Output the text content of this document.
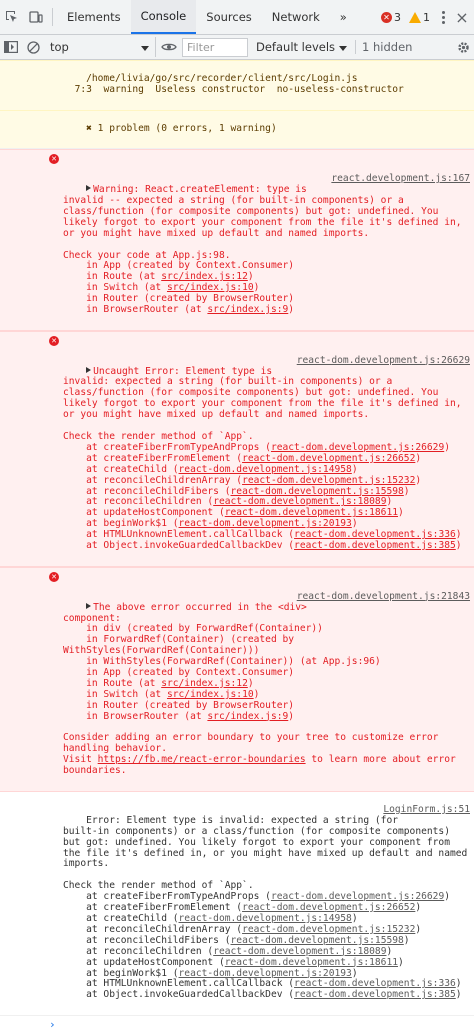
Elements	Console	Sources	Network	»	✕ 3 1 ×
top
Filter	Default levels	1 hidden

/home/livia/go/src/recorder/client/src/Login.js
7:3  warning  Useless constructor  no-useless-constructor

✖ 1 problem (0 errors, 1 warning)

✕

react.development.js:167

Warning: React.createElement: type is
invalid -- expected a string (for built-in components) or a
class/function (for composite components) but got: undefined. You
likely forgot to export your component from the file it's defined in,
or you might have mixed up default and named imports.

Check your code at App.js:98.
in App (created by Context.Consumer)
in Route (at src/index.js:12)
in Switch (at src/index.js:10)
in Router (created by BrowserRouter)
in BrowserRouter (at src/index.js:9)

✕

react-dom.development.js:26629

Uncaught Error: Element type is
invalid: expected a string (for built-in components) or a
class/function (for composite components) but got: undefined. You
likely forgot to export your component from the file it's defined in,
or you might have mixed up default and named imports.

Check the render method of `App`.
at createFiberFromTypeAndProps (react-dom.development.js:26629)
at createFiberFromElement (react-dom.development.js:26652)
at createChild (react-dom.development.js:14958)
at reconcileChildrenArray (react-dom.development.js:15232)
at reconcileChildFibers (react-dom.development.js:15598)
at reconcileChildren (react-dom.development.js:18089)
at updateHostComponent (react-dom.development.js:18611)
at beginWork$1 (react-dom.development.js:20193)
at HTMLUnknownElement.callCallback (react-dom.development.js:336)
at Object.invokeGuardedCallbackDev (react-dom.development.js:385)

✕

react-dom.development.js:21843

The above error occurred in the <div>
component:
in div (created by ForwardRef(Container))
in ForwardRef(Container) (created by
WithStyles(ForwardRef(Container)))
in WithStyles(ForwardRef(Container)) (at App.js:96)
in App (created by Context.Consumer)
in Route (at src/index.js:12)
in Switch (at src/index.js:10)
in Router (created by BrowserRouter)
in BrowserRouter (at src/index.js:9)

Consider adding an error boundary to your tree to customize error
handling behavior.
Visit https://fb.me/react-error-boundaries to learn more about error
boundaries.

LoginForm.js:51

Error: Element type is invalid: expected a string (for
built-in components) or a class/function (for composite components)
but got: undefined. You likely forgot to export your component from
the file it's defined in, or you might have mixed up default and named
imports.

Check the render method of `App`.
at createFiberFromTypeAndProps (react-dom.development.js:26629)
at createFiberFromElement (react-dom.development.js:26652)
at createChild (react-dom.development.js:14958)
at reconcileChildrenArray (react-dom.development.js:15232)
at reconcileChildFibers (react-dom.development.js:15598)
at reconcileChildren (react-dom.development.js:18089)
at updateHostComponent (react-dom.development.js:18611)
at beginWork$1 (react-dom.development.js:20193)
at HTMLUnknownElement.callCallback (react-dom.development.js:336)
at Object.invokeGuardedCallbackDev (react-dom.development.js:385)

›
